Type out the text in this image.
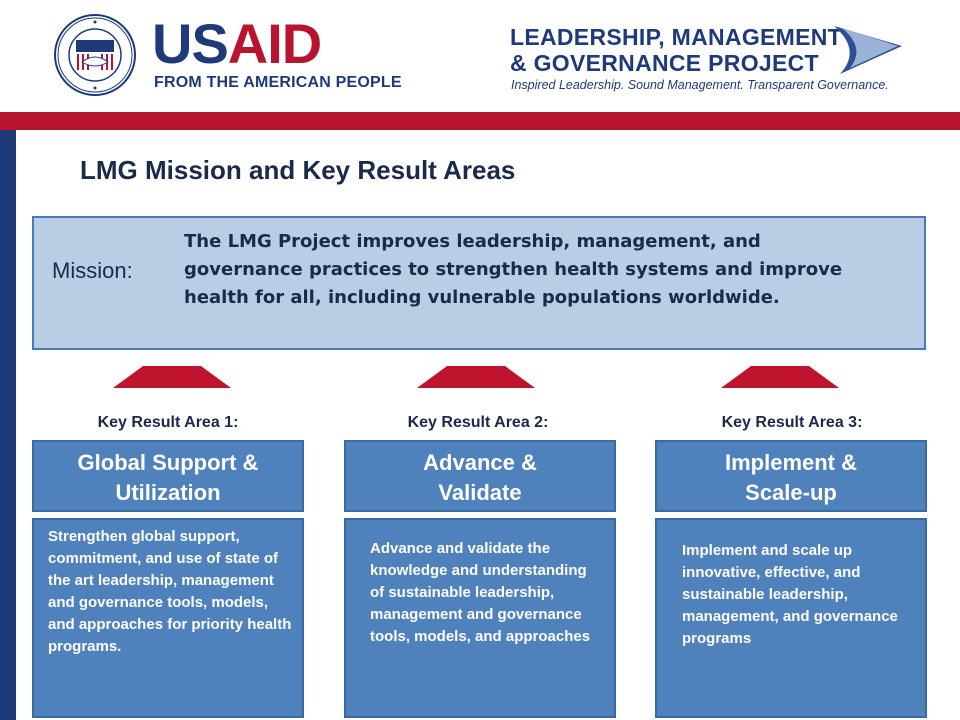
USAID
FROM THE AMERICAN PEOPLE
LEADERSHIP, MANAGEMENT
& GOVERNANCE PROJECT
Inspired Leadership. Sound Management. Transparent Governance.
LMG Mission and Key Result Areas
Mission:
The LMG Project improves leadership, management, and governance practices to strengthen health systems and improve health for all, including vulnerable populations worldwide.
Key Result Area 1:	Key Result Area 2:	Key Result Area 3:
Global Support & Utilization
Advance & Validate
Implement & Scale-up
Strengthen global support, commitment, and use of state of the art leadership, management and governance tools, models, and approaches for priority health programs.
Advance and validate the knowledge and understanding of sustainable leadership, management and governance tools, models, and approaches
Implement and scale up innovative, effective, and sustainable leadership, management, and governance programs
